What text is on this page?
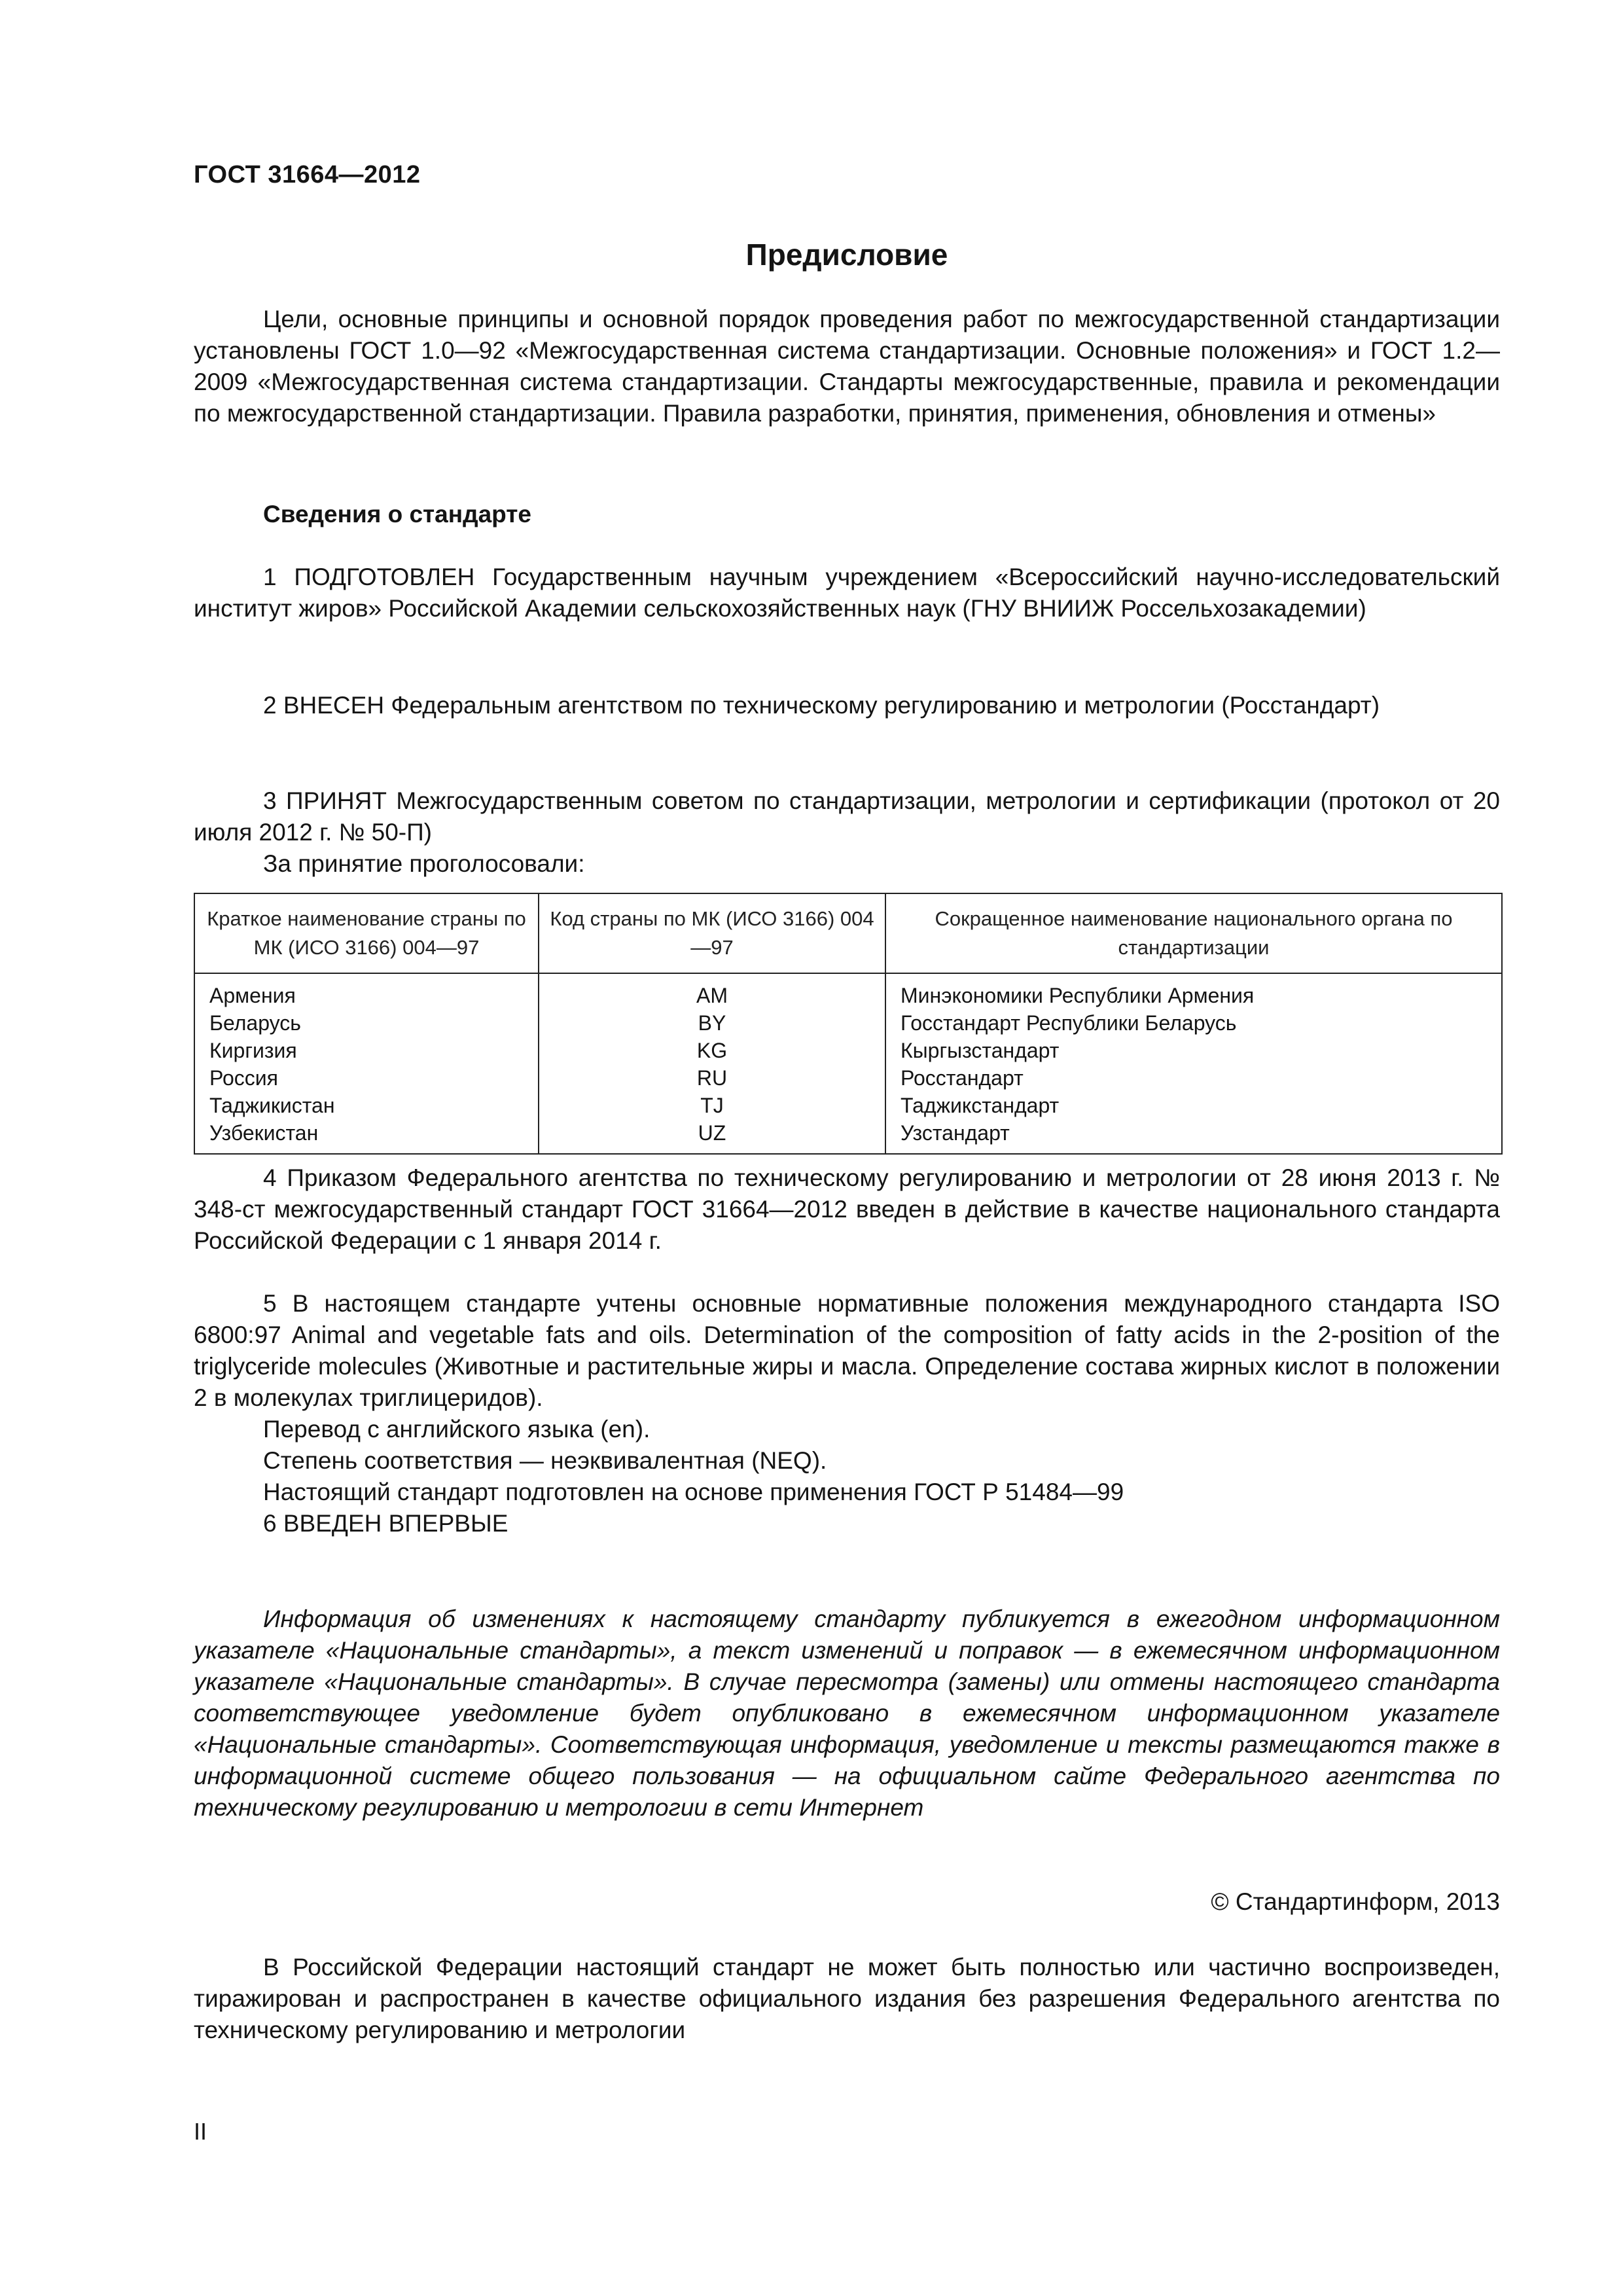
ГОСТ 31664—2012
Предисловие
Цели, основные принципы и основной порядок проведения работ по межгосударственной стандартизации установлены ГОСТ 1.0—92 «Межгосударственная система стандартизации. Основные положения» и ГОСТ 1.2—2009 «Межгосударственная система стандартизации. Стандарты межгосударственные, правила и рекомендации по межгосударственной стандартизации. Правила разработки, принятия, применения, обновления и отмены»
Сведения о стандарте
1 ПОДГОТОВЛЕН Государственным научным учреждением «Всероссийский научно-исследовательский институт жиров» Российской Академии сельскохозяйственных наук (ГНУ ВНИИЖ Россельхозакадемии)
2 ВНЕСЕН Федеральным агентством по техническому регулированию и метрологии (Росстандарт)
3 ПРИНЯТ Межгосударственным советом по стандартизации, метрологии и сертификации (протокол от 20 июля 2012 г. № 50-П)
За принятие проголосовали:
Краткое наименование страны по МК (ИСО 3166) 004—97	Код страны по МК (ИСО 3166) 004—97	Сокращенное наименование национального органа по стандартизации
Армения	AM	Минэкономики Республики Армения
Беларусь	BY	Госстандарт Республики Беларусь
Киргизия	KG	Кыргызстандарт
Россия	RU	Росстандарт
Таджикистан	TJ	Таджикстандарт
Узбекистан	UZ	Узстандарт
4 Приказом Федерального агентства по техническому регулированию и метрологии от 28 июня 2013 г. № 348-ст межгосударственный стандарт ГОСТ 31664—2012 введен в действие в качестве национального стандарта Российской Федерации с 1 января 2014 г.
5 В настоящем стандарте учтены основные нормативные положения международного стандарта ISO 6800:97 Animal and vegetable fats and oils. Determination of the composition of fatty acids in the 2-position of the triglyceride molecules (Животные и растительные жиры и масла. Определение состава жирных кислот в положении 2 в молекулах триглицеридов).
Перевод с английского языка (en).
Степень соответствия — неэквивалентная (NEQ).
Настоящий стандарт подготовлен на основе применения ГОСТ Р 51484—99
6 ВВЕДЕН ВПЕРВЫЕ
Информация об изменениях к настоящему стандарту публикуется в ежегодном информационном указателе «Национальные стандарты», а текст изменений и поправок — в ежемесячном информационном указателе «Национальные стандарты». В случае пересмотра (замены) или отмены настоящего стандарта соответствующее уведомление будет опубликовано в ежемесячном информационном указателе «Национальные стандарты». Соответствующая информация, уведомление и тексты размещаются также в информационной системе общего пользования — на официальном сайте Федерального агентства по техническому регулированию и метрологии в сети Интернет
© Стандартинформ, 2013
В Российской Федерации настоящий стандарт не может быть полностью или частично воспроизведен, тиражирован и распространен в качестве официального издания без разрешения Федерального агентства по техническому регулированию и метрологии
II
